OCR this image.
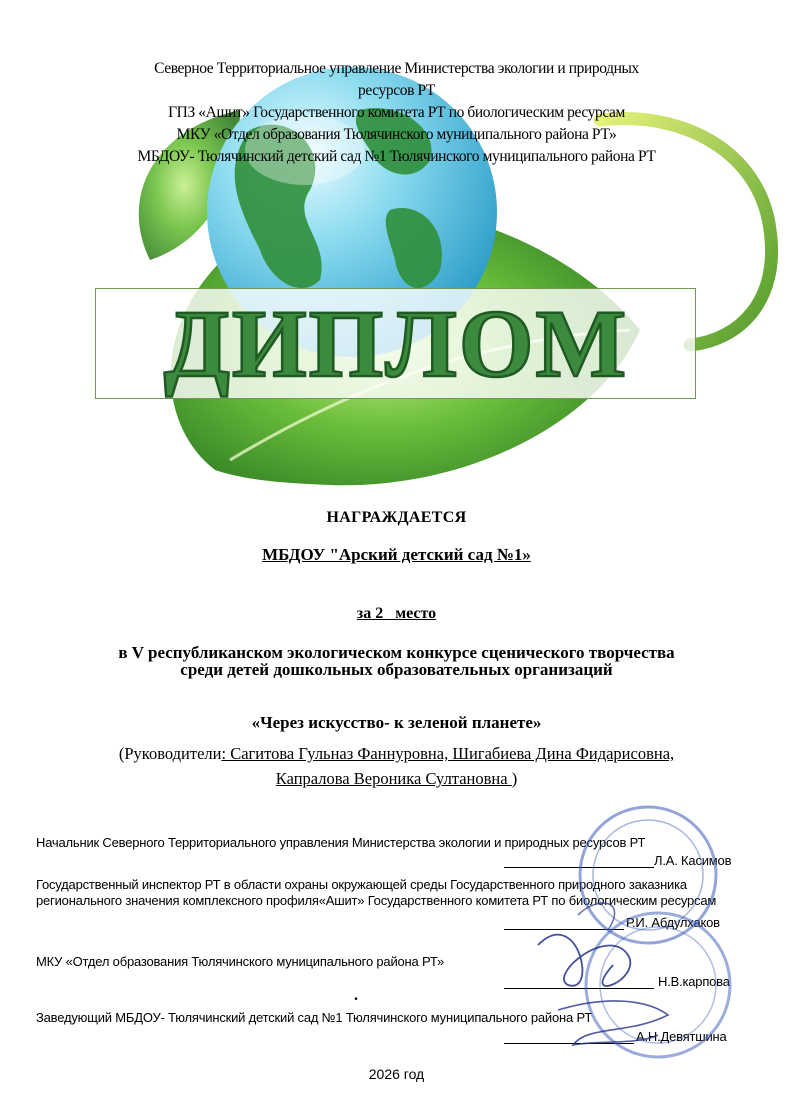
Северное Территориальное управление Министерства экологии и природных
ресурсов РТ
ГПЗ «Ашит» Государственного комитета РТ по биологическим ресурсам
МКУ «Отдел образования Тюлячинского муниципального района РТ»
МБДОУ- Тюлячинский детский сад №1 Тюлячинского муниципального района РТ
ДИПЛОМ
НАГРАЖДАЕТСЯ
МБДОУ "Арский детский сад №1»
за 2   место
в V республиканском экологическом конкурсе сценического творчества среди детей дошкольных образовательных организаций
«Через искусство- к зеленой планете»
(Руководители: Сагитова Гульназ Фаннуровна, Шигабиева Дина Фидарисовна, Капралова Вероника Султановна )
Начальник Северного Территориального управления Министерства экологии и природных ресурсов РТ
Л.А. Касимов
Государственный инспектор РТ в области охраны окружающей среды Государственного природного заказника регионального значения комплексного профиля«Ашит» Государственного комитета РТ по биологическим ресурсам
Р.И. Абдулхаков
МКУ «Отдел образования Тюлячинского муниципального района РТ»
Н.В.карпова
.
Заведующий МБДОУ- Тюлячинский детский сад №1 Тюлячинского муниципального района РТ
А.Н.Девятшина
2026 год
